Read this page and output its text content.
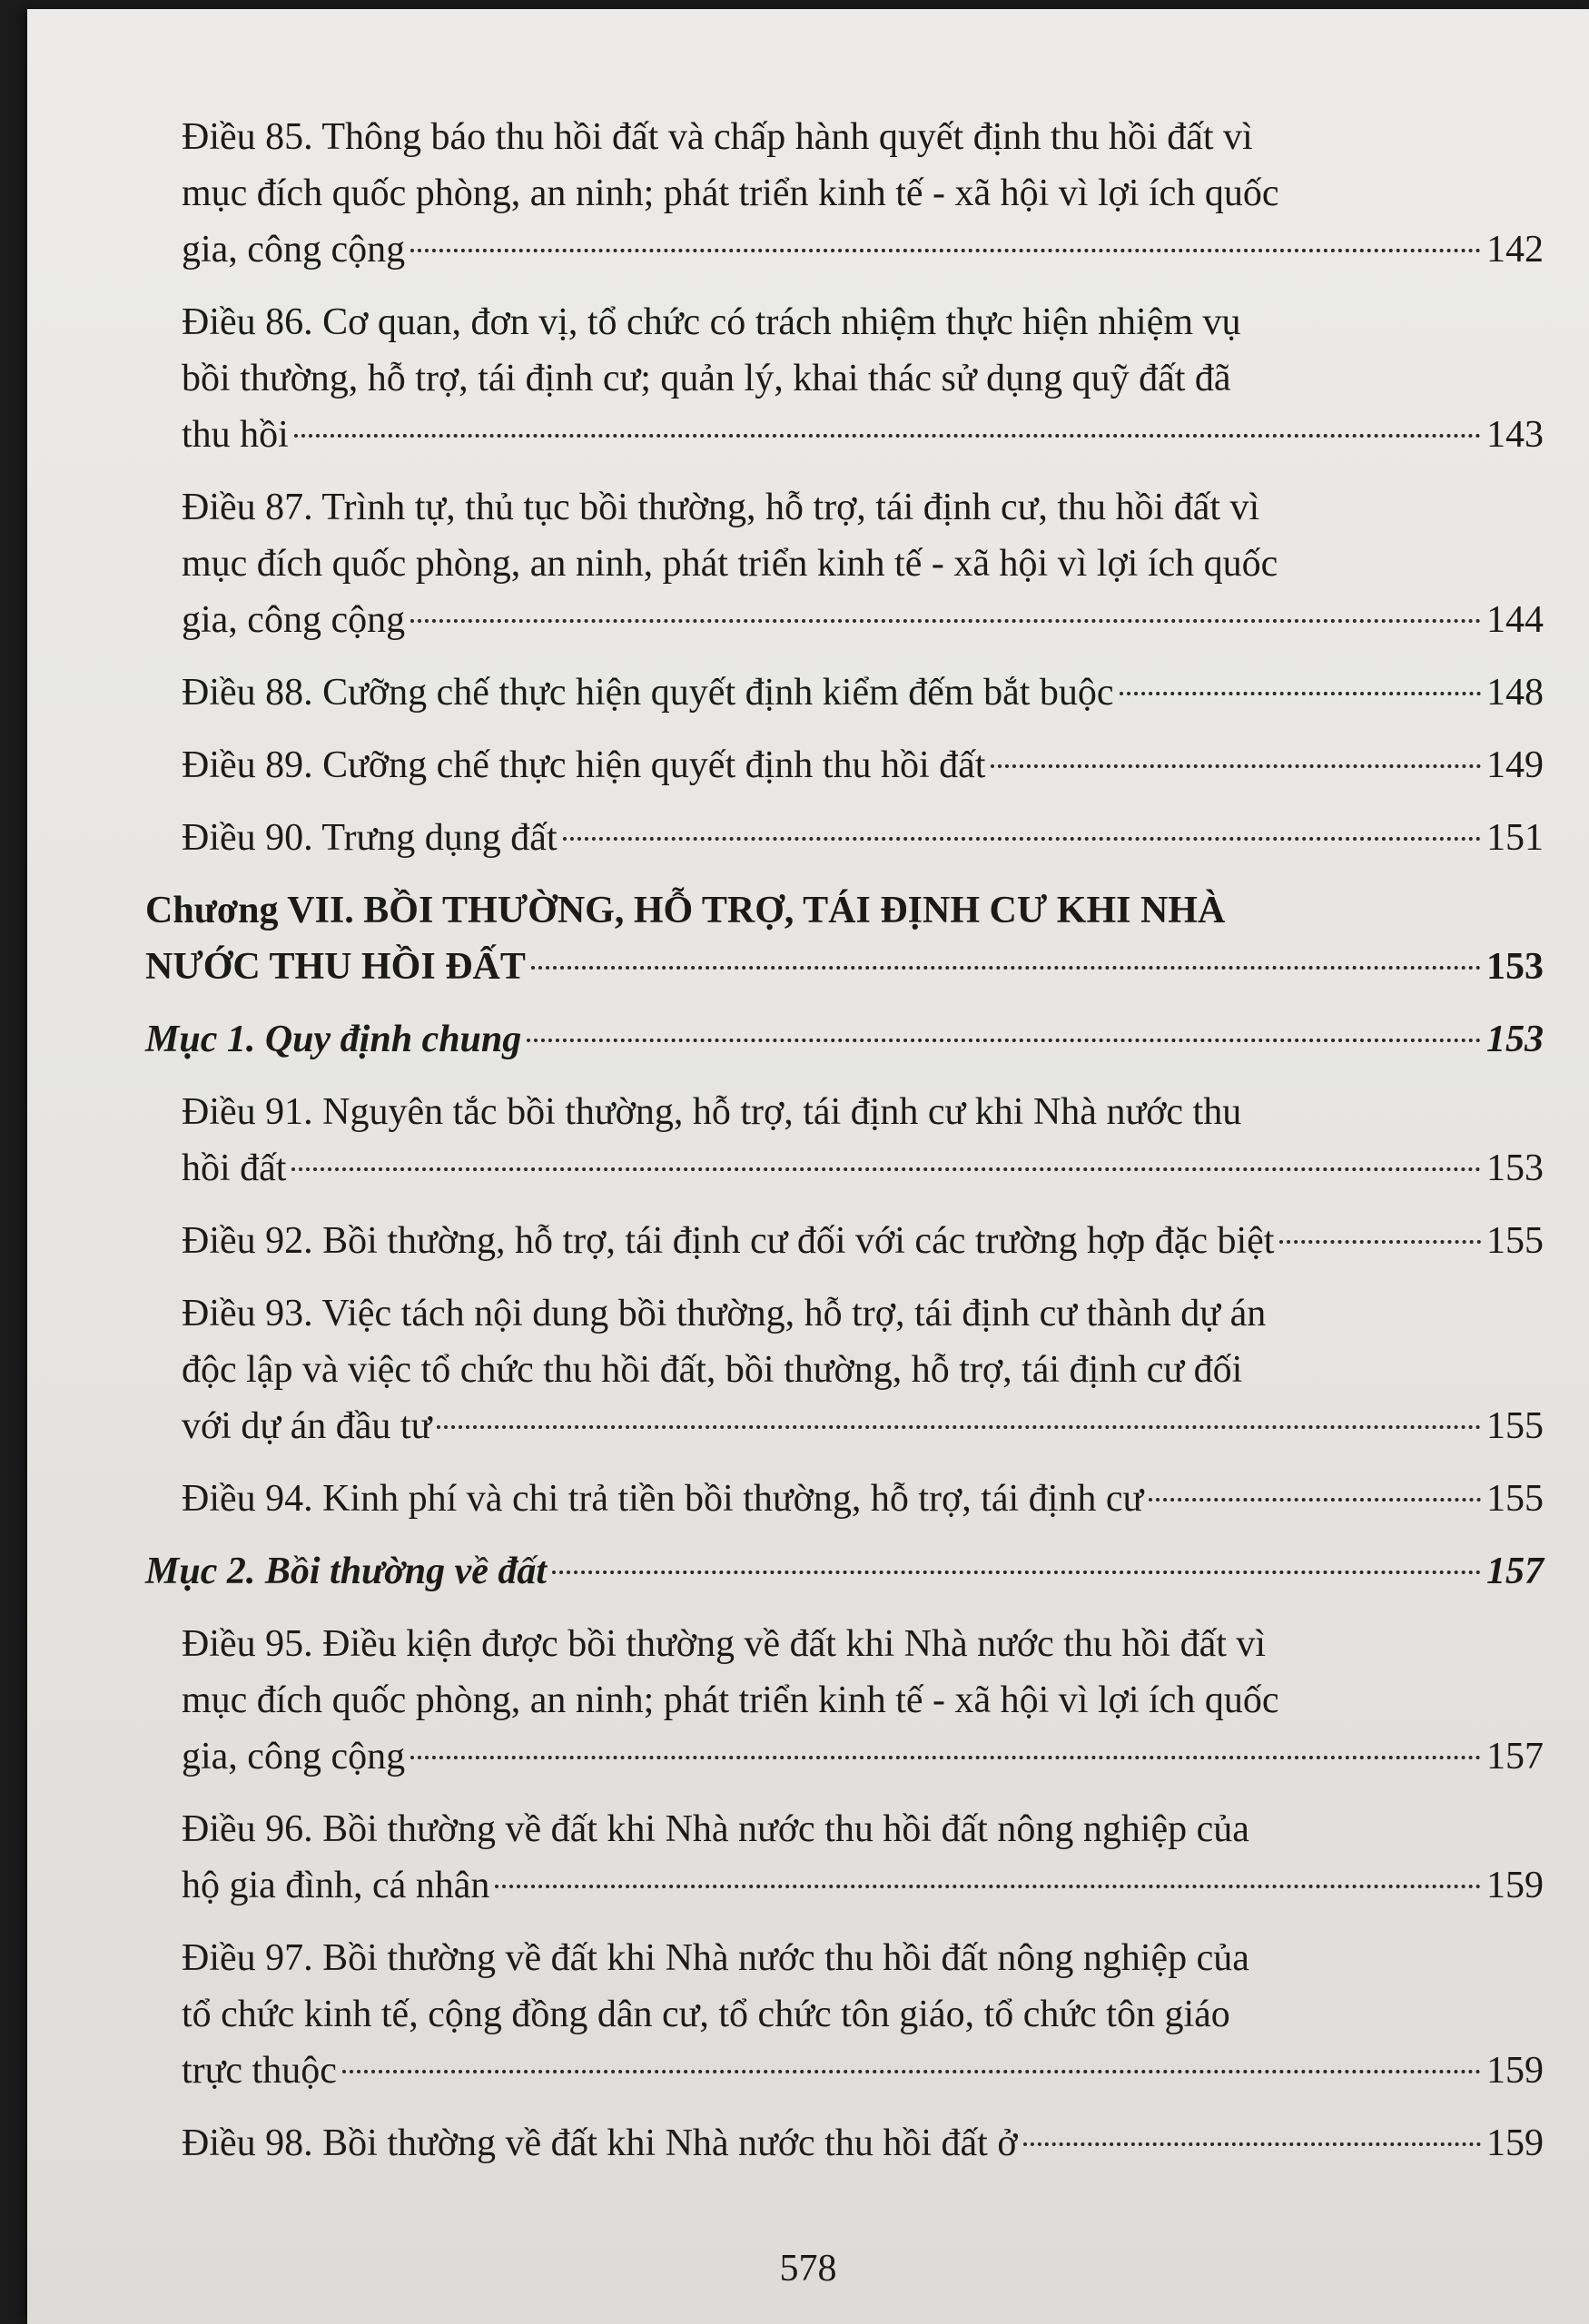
Điều 85. Thông báo thu hồi đất và chấp hành quyết định thu hồi đất vì
mục đích quốc phòng, an ninh; phát triển kinh tế - xã hội vì lợi ích quốc
gia, công cộng	142
Điều 86. Cơ quan, đơn vị, tổ chức có trách nhiệm thực hiện nhiệm vụ
bồi thường, hỗ trợ, tái định cư; quản lý, khai thác sử dụng quỹ đất đã
thu hồi	143
Điều 87. Trình tự, thủ tục bồi thường, hỗ trợ, tái định cư, thu hồi đất vì
mục đích quốc phòng, an ninh, phát triển kinh tế - xã hội vì lợi ích quốc
gia, công cộng	144
Điều 88. Cưỡng chế thực hiện quyết định kiểm đếm bắt buộc	148
Điều 89. Cưỡng chế thực hiện quyết định thu hồi đất	149
Điều 90. Trưng dụng đất	151
Chương VII. BỒI THƯỜNG, HỖ TRỢ, TÁI ĐỊNH CƯ KHI NHÀ
NƯỚC THU HỒI ĐẤT	153
Mục 1. Quy định chung	153
Điều 91. Nguyên tắc bồi thường, hỗ trợ, tái định cư khi Nhà nước thu
hồi đất	153
Điều 92. Bồi thường, hỗ trợ, tái định cư đối với các trường hợp đặc biệt	155
Điều 93. Việc tách nội dung bồi thường, hỗ trợ, tái định cư thành dự án
độc lập và việc tổ chức thu hồi đất, bồi thường, hỗ trợ, tái định cư đối
với dự án đầu tư	155
Điều 94. Kinh phí và chi trả tiền bồi thường, hỗ trợ, tái định cư	155
Mục 2. Bồi thường về đất	157
Điều 95. Điều kiện được bồi thường về đất khi Nhà nước thu hồi đất vì
mục đích quốc phòng, an ninh; phát triển kinh tế - xã hội vì lợi ích quốc
gia, công cộng	157
Điều 96. Bồi thường về đất khi Nhà nước thu hồi đất nông nghiệp của
hộ gia đình, cá nhân	159
Điều 97. Bồi thường về đất khi Nhà nước thu hồi đất nông nghiệp của
tổ chức kinh tế, cộng đồng dân cư, tổ chức tôn giáo, tổ chức tôn giáo
trực thuộc	159
Điều 98. Bồi thường về đất khi Nhà nước thu hồi đất ở	159
578
